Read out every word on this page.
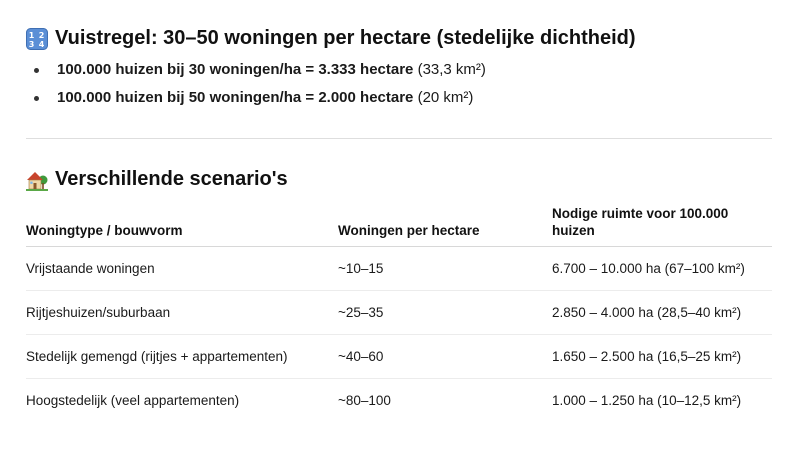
1 2
3 4 Vuistregel: 30–50 woningen per hectare (stedelijke dichtheid)
100.000 huizen bij 30 woningen/ha = 3.333 hectare (33,3 km²)
100.000 huizen bij 50 woningen/ha = 2.000 hectare (20 km²)
Verschillende scenario's
Woningtype / bouwvorm	Woningen per hectare	Nodige ruimte voor 100.000 huizen
Vrijstaande woningen	~10–15	6.700 – 10.000 ha (67–100 km²)
Rijtjeshuizen/suburbaan	~25–35	2.850 – 4.000 ha (28,5–40 km²)
Stedelijk gemengd (rijtjes + appartementen)	~40–60	1.650 – 2.500 ha (16,5–25 km²)
Hoogstedelijk (veel appartementen)	~80–100	1.000 – 1.250 ha (10–12,5 km²)
